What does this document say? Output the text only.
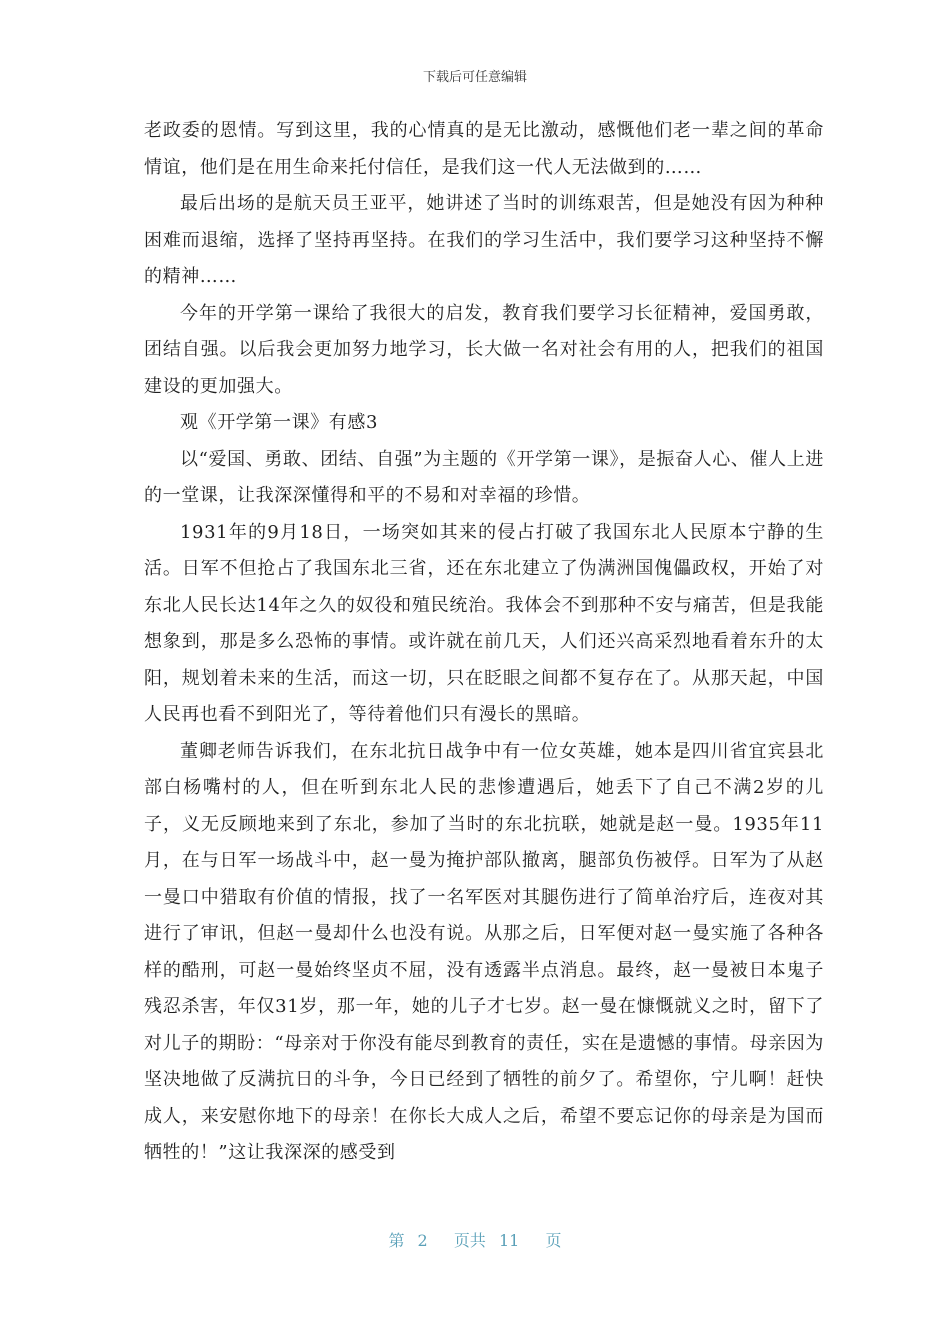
下载后可任意编辑

老政委的恩情。写到这里，我的心情真的是无比激动，感慨他们老一辈之间的革命情谊，他们是在用生命来托付信任，是我们这一代人无法做到的……

最后出场的是航天员王亚平，她讲述了当时的训练艰苦，但是她没有因为种种困难而退缩，选择了坚持再坚持。在我们的学习生活中，我们要学习这种坚持不懈的精神……

今年的开学第一课给了我很大的启发，教育我们要学习长征精神，爱国勇敢，团结自强。以后我会更加努力地学习，长大做一名对社会有用的人，把我们的祖国建设的更加强大。

观《开学第一课》有感3

以“爱国、勇敢、团结、自强”为主题的《开学第一课》，是振奋人心、催人上进的一堂课，让我深深懂得和平的不易和对幸福的珍惜。

1931年的9月18日，一场突如其来的侵占打破了我国东北人民原本宁静的生活。日军不但抢占了我国东北三省，还在东北建立了伪满洲国傀儡政权，开始了对东北人民长达14年之久的奴役和殖民统治。我体会不到那种不安与痛苦，但是我能想象到，那是多么恐怖的事情。或许就在前几天，人们还兴高采烈地看着东升的太阳，规划着未来的生活，而这一切，只在眨眼之间都不复存在了。从那天起，中国人民再也看不到阳光了，等待着他们只有漫长的黑暗。

董卿老师告诉我们，在东北抗日战争中有一位女英雄，她本是四川省宜宾县北部白杨嘴村的人，但在听到东北人民的悲惨遭遇后，她丢下了自己不满2岁的儿子，义无反顾地来到了东北，参加了当时的东北抗联，她就是赵一曼。1935年11月，在与日军一场战斗中，赵一曼为掩护部队撤离，腿部负伤被俘。日军为了从赵一曼口中猎取有价值的情报，找了一名军医对其腿伤进行了简单治疗后，连夜对其进行了审讯，但赵一曼却什么也没有说。从那之后，日军便对赵一曼实施了各种各样的酷刑，可赵一曼始终坚贞不屈，没有透露半点消息。最终，赵一曼被日本鬼子残忍杀害，年仅31岁，那一年，她的儿子才七岁。赵一曼在慷慨就义之时，留下了对儿子的期盼：“母亲对于你没有能尽到教育的责任，实在是遗憾的事情。母亲因为坚决地做了反满抗日的斗争，今日已经到了牺牲的前夕了。希望你，宁儿啊！赶快成人，来安慰你地下的母亲！在你长大成人之后，希望不要忘记你的母亲是为国而牺牲的！”这让我深深的感受到

第 2  页共 11  页
